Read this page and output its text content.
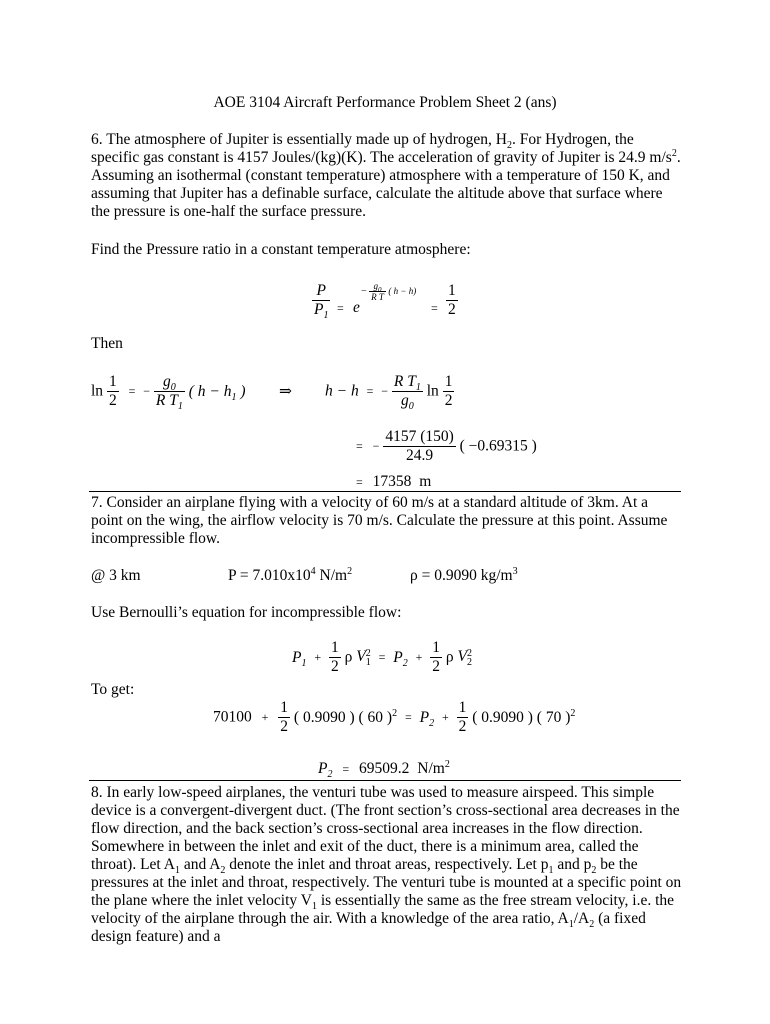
AOE 3104 Aircraft Performance Problem Sheet 2 (ans)
6. The atmosphere of Jupiter is essentially made up of hydrogen, $H_2$. For Hydrogen, the specific gas constant is 4157 Joules/(kg)(K). The acceleration of gravity of Jupiter is 24.9 $m/s^2$. Assuming an isothermal (constant temperature) atmosphere with a temperature of 150 K, and assuming that Jupiter has a definable surface, calculate the altitude above that surface where the pressure is one-half the surface pressure.
Find the Pressure ratio in a constant temperature atmosphere:
$\frac{P}{P_1} = e$
− $\frac{g_0}{\text{R T}}$ ( h − h)
= $\frac{1}{2}$
Then
$\ln \frac{1}{2}$ = − $\frac{g_0}{R T_1}$ ( $h - h_1$ ) ⇒ h − h = − $\frac{R T_1}{g_0}$ $\ln \frac{1}{2}$
= − $\frac{4157 (150)}{24.9}$ ( −0.69315 )
= 17358 m
7. Consider an airplane flying with a velocity of 60 m/s at a standard altitude of 3km. At a point on the wing, the airflow velocity is 70 m/s. Calculate the pressure at this point. Assume incompressible flow.
@ 3 km	$P = 7.010x10^4$ $N/m^2$	ρ = 0.9090 $kg/m^3$
Use Bernoulli’s equation for incompressible flow:
$P_1 + \frac{1}{2}$ ρ V 2
$1 = P_2 + \frac{1}{2}$ ρ V 2
2
To get:
$70100 + \frac{1}{2}$ ( 0.9090 ) ( 60 )$^2 = P_2 + \frac{1}{2}$ ( 0.9090 ) ( 70 )$^2$
$P_2 = 69509.2$ $N/m^2$
8. In early low-speed airplanes, the venturi tube was used to measure airspeed. This simple device is a convergent-divergent duct. (The front section’s cross-sectional area decreases in the flow direction, and the back section’s cross-sectional area increases in the flow direction. Somewhere in between the inlet and exit of the duct, there is a minimum area, called the throat). Let $A_1$ and $A_2$ denote the inlet and throat areas, respectively. Let $p_1$ and $p_2$ be the pressures at the inlet and throat, respectively. The venturi tube is mounted at a specific point on the plane where the inlet velocity $V_1$ is essentially the same as the free stream velocity, i.e. the velocity of the airplane through the air. With a knowledge of the area ratio, $A_1/A_2$ (a fixed design feature) and a
